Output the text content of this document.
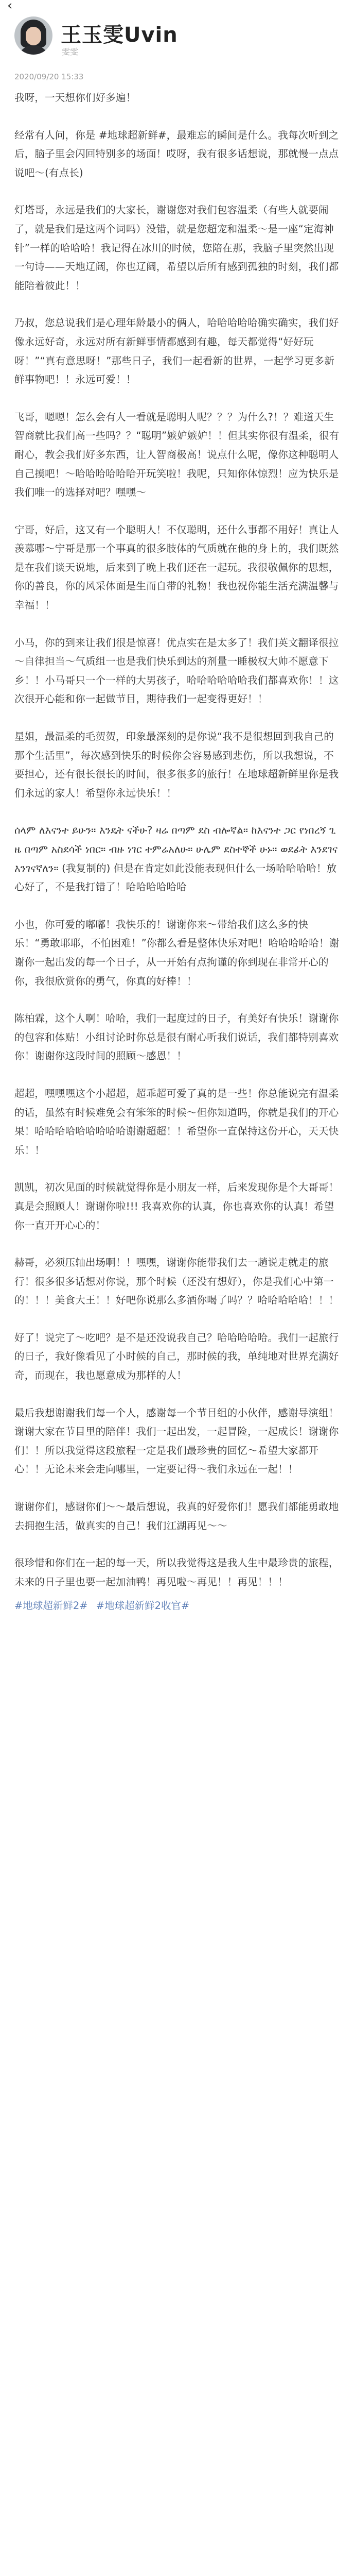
‹
王玉雯Uvin
雯雯
2020/09/20 15:33

我呀，一天想你们好多遍！

经常有人问，你是 #地球超新鲜#，最难忘的瞬间是什么。我每次听到之后，脑子里会闪回特别多的场面！哎呀，我有很多话想说，那就慢一点点说吧～(有点长)

灯塔哥，永远是我们的大家长，谢谢您对我们包容温柔（有些人就要闹了，就是我们是这两个词吗）没错，就是您超宠和温柔～是一座“定海神针”一样的哈哈哈！我记得在冰川的时候，您陪在那，我脑子里突然出现一句诗——天地辽阔，你也辽阔，希望以后所有感到孤独的时刻，我们都能陪着彼此！！

乃叔，您总说我们是心理年龄最小的俩人，哈哈哈哈哈确实确实，我们好像永远好奇，永远对所有新鲜事情都感到有趣，每天都觉得“好好玩呀！”“真有意思呀！”那些日子，我们一起看新的世界，一起学习更多新鲜事物吧！！永远可爱！！

飞哥，嗯嗯！怎么会有人一看就是聪明人呢？？？为什么?！？难道天生智商就比我们高一些吗？？“聪明”嫉妒嫉妒！！但其实你很有温柔，很有耐心，教会我们好多东西，让人智商极高！说点什么呢，像你这种聪明人自己摸吧！～哈哈哈哈哈哈开玩笑啦！我呢，只知你体惊烈！应为快乐是我们唯一的选择对吧？嘿嘿～

宁哥，好后，这又有一个聪明人！不仅聪明，还什么事都不用好！真让人羡慕哪～宁哥是那一个事真的很多肢体的气质就在他的身上的，我们既然是在我们谈天说地，后来到了晚上我们还在一起玩。我很敬佩你的思想，你的善良，你的风采体面是生而自带的礼物！我也祝你能生活充满温馨与幸福！！

小马，你的到来让我们很是惊喜！优点实在是太多了！我们英文翻译很拉～自律担当～气质组一也是我们快乐到达的剂量一睡极权大帅不愿意下乡！！小马哥只一个一样的大男孩子，哈哈哈哈哈哈我们都喜欢你！！这次很开心能和你一起做节目，期待我们一起变得更好！！

星姐，最温柔的毛贺贺，印象最深刻的是你说“我不是很想回到我自己的那个生活里”，每次感到快乐的时候你会容易感到悲伤，所以我想说，不要担心，还有很长很长的时间，很多很多的旅行！在地球超新鲜里你是我们永远的家人！希望你永远快乐！！

ሰላም ለእናንተ ይሁን። እንዴት ናችሁ? ዛሬ በጣም ደስ ብሎኛል። ከእናንተ ጋር የነበረኝ ጊዜ በጣም አስደሳች ነበር። ብዙ ነገር ተምሬአለሁ። ሁሌም ደስተኞች ሁኑ። ወደፊት እንደገና እንገናኛለን። (我复制的) 但是在肯定如此没能表现但什么一场哈哈哈哈！放心好了，不是我打错了！哈哈哈哈哈哈

小也，你可爱的嘟嘟！我快乐的！谢谢你来～带给我们这么多的快乐！“勇敢耶耶，不怕困难！”你都么看是整体快乐对吧！哈哈哈哈哈！谢谢你一起出发的每一个日子，从一开始有点拘谨的你到现在非常开心的你，我很欣赏你的勇气，你真的好棒！！

陈柏霖，这个人啊！哈哈，我们一起度过的日子，有美好有快乐！谢谢你的包容和体贴！小组讨论时你总是很有耐心听我们说话，我们都特别喜欢你！谢谢你这段时间的照顾～感恩！！

超超，嘿嘿嘿这个小超超，超乖超可爱了真的是一些！你总能说完有温柔的话，虽然有时候难免会有笨笨的时候～但你知道吗，你就是我们的开心果！哈哈哈哈哈哈哈哈哈谢谢超超！！希望你一直保持这份开心，天天快乐！！

凯凯，初次见面的时候就觉得你是小朋友一样，后来发现你是个大哥哥！真是会照顾人！谢谢你啦!!! 我喜欢你的认真，你也喜欢你的认真！希望你一直开开心心的！

赫哥，必须压轴出场啊！！嘿嘿，谢谢你能带我们去一趟说走就走的旅行！很多很多话想对你说，那个时候（还没有想好），你是我们心中第一的！！！美食大王！！好吧你说那么多酒你喝了吗？？哈哈哈哈哈！！！

好了！说完了～吃吧？是不是还没说我自己？哈哈哈哈哈。我们一起旅行的日子，我好像看见了小时候的自己，那时候的我，单纯地对世界充满好奇，而现在，我也愿意成为那样的人！

最后我想谢谢我们每一个人，感谢每一个节目组的小伙伴，感谢导演组！谢谢大家在节目里的陪伴！我们一起出发，一起冒险，一起成长！谢谢你们！！所以我觉得这段旅程一定是我们最珍贵的回忆～希望大家都开心！！无论未来会走向哪里，一定要记得～我们永远在一起！！

谢谢你们，感谢你们～～最后想说，我真的好爱你们！愿我们都能勇敢地去拥抱生活，做真实的自己！我们江湖再见～～

很珍惜和你们在一起的每一天，所以我觉得这是我人生中最珍贵的旅程，未来的日子里也要一起加油鸭！再见啦～再见！！再见！！！

#地球超新鲜2# #地球超新鲜2收官#
